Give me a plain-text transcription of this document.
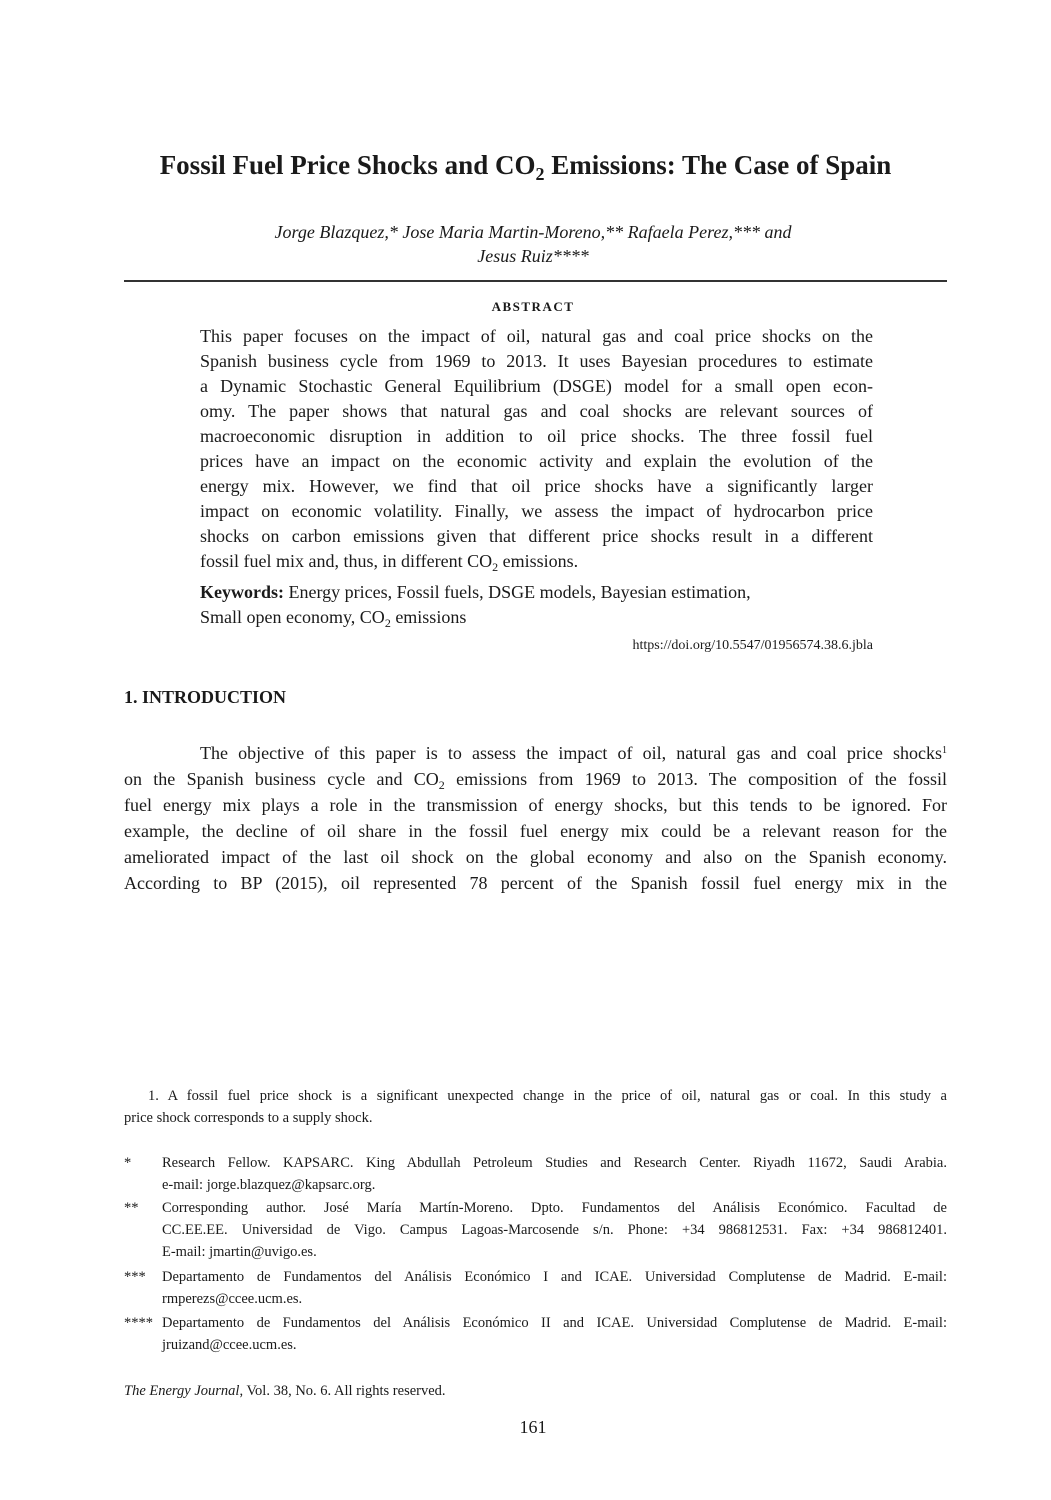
Fossil Fuel Price Shocks and $CO_2$ Emissions: The Case of Spain
Jorge Blazquez,* Jose Maria Martin-Moreno,** Rafaela Perez,*** and
Jesus Ruiz****
ABSTRACT
This paper focuses on the impact of oil, natural gas and coal price shocks on the
Spanish business cycle from 1969 to 2013. It uses Bayesian procedures to estimate
a Dynamic Stochastic General Equilibrium (DSGE) model for a small open econ-
omy. The paper shows that natural gas and coal shocks are relevant sources of
macroeconomic disruption in addition to oil price shocks. The three fossil fuel
prices have an impact on the economic activity and explain the evolution of the
energy mix. However, we find that oil price shocks have a significantly larger
impact on economic volatility. Finally, we assess the impact of hydrocarbon price
shocks on carbon emissions given that different price shocks result in a different
fossil fuel mix and, thus, in different $CO_2$ emissions.
Keywords: Energy prices, Fossil fuels, DSGE models, Bayesian estimation,
Small open economy, $CO_2$ emissions
https://doi.org/10.5547/01956574.38.6.jbla
1. INTRODUCTION
The objective of this paper is to assess the impact of oil, natural gas and coal price shocks$^1$
on the Spanish business cycle and $CO_2$ emissions from 1969 to 2013. The composition of the fossil
fuel energy mix plays a role in the transmission of energy shocks, but this tends to be ignored. For
example, the decline of oil share in the fossil fuel energy mix could be a relevant reason for the
ameliorated impact of the last oil shock on the global economy and also on the Spanish economy.
According to BP (2015), oil represented 78 percent of the Spanish fossil fuel energy mix in the
1. A fossil fuel price shock is a significant unexpected change in the price of oil, natural gas or coal. In this study a
price shock corresponds to a supply shock.
* Research Fellow. KAPSARC. King Abdullah Petroleum Studies and Research Center. Riyadh 11672, Saudi Arabia.
e-mail: jorge.blazquez@kapsarc.org.
** Corresponding author. José María Martín-Moreno. Dpto. Fundamentos del Análisis Económico. Facultad de
CC.EE.EE. Universidad de Vigo. Campus Lagoas-Marcosende s/n. Phone: +34 986812531. Fax: +34 986812401.
E-mail: jmartin@uvigo.es.
*** Departamento de Fundamentos del Análisis Económico I and ICAE. Universidad Complutense de Madrid. E-mail:
rmperezs@ccee.ucm.es.
**** Departamento de Fundamentos del Análisis Económico II and ICAE. Universidad Complutense de Madrid. E-mail:
jruizand@ccee.ucm.es.
The Energy Journal, Vol. 38, No. 6. All rights reserved.
161
